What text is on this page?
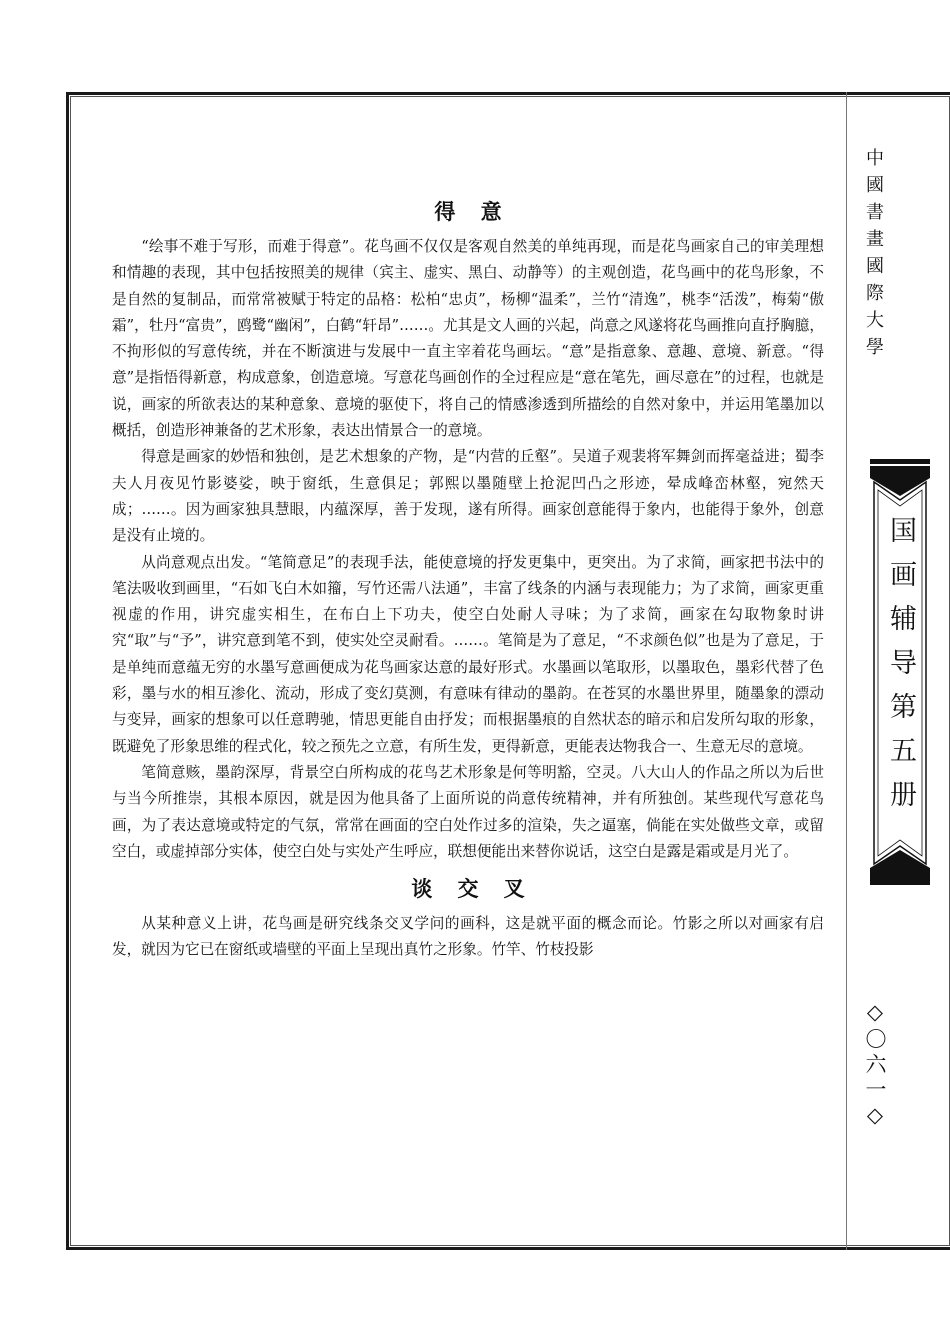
得意

“绘事不难于写形，而难于得意”。花鸟画不仅仅是客观自然美的单纯再现，而是花鸟画家自己的审美理想和情趣的表现，其中包括按照美的规律（宾主、虚实、黑白、动静等）的主观创造，花鸟画中的花鸟形象，不是自然的复制品，而常常被赋于特定的品格：松柏“忠贞”，杨柳“温柔”，兰竹“清逸”，桃李“活泼”，梅菊“傲霜”，牡丹“富贵”，鸥鹭“幽闲”，白鹤“轩昂”……。尤其是文人画的兴起，尚意之风遂将花鸟画推向直抒胸臆，不拘形似的写意传统，并在不断演进与发展中一直主宰着花鸟画坛。“意”是指意象、意趣、意境、新意。“得意”是指悟得新意，构成意象，创造意境。写意花鸟画创作的全过程应是“意在笔先，画尽意在”的过程，也就是说，画家的所欲表达的某种意象、意境的驱使下，将自己的情感渗透到所描绘的自然对象中，并运用笔墨加以概括，创造形神兼备的艺术形象，表达出情景合一的意境。

得意是画家的妙悟和独创，是艺术想象的产物，是“内营的丘壑”。吴道子观裴将军舞剑而挥毫益进；蜀李夫人月夜见竹影婆娑，映于窗纸，生意俱足；郭熙以墨随壁上抢泥凹凸之形迹，晕成峰峦林壑，宛然天成；……。因为画家独具慧眼，内蕴深厚，善于发现，遂有所得。画家创意能得于象内，也能得于象外，创意是没有止境的。

从尚意观点出发。“笔简意足”的表现手法，能使意境的抒发更集中，更突出。为了求简，画家把书法中的笔法吸收到画里，“石如飞白木如籀，写竹还需八法通”，丰富了线条的内涵与表现能力；为了求简，画家更重视虚的作用，讲究虚实相生，在布白上下功夫，使空白处耐人寻味；为了求简，画家在勾取物象时讲究“取”与“予”，讲究意到笔不到，使实处空灵耐看。……。笔简是为了意足，“不求颜色似”也是为了意足，于是单纯而意蕴无穷的水墨写意画便成为花鸟画家达意的最好形式。水墨画以笔取形，以墨取色，墨彩代替了色彩，墨与水的相互渗化、流动，形成了变幻莫测，有意味有律动的墨韵。在苍冥的水墨世界里，随墨象的漂动与变异，画家的想象可以任意聘驰，情思更能自由抒发；而根据墨痕的自然状态的暗示和启发所勾取的形象，既避免了形象思维的程式化，较之预先之立意，有所生发，更得新意，更能表达物我合一、生意无尽的意境。

笔简意赅，墨韵深厚，背景空白所构成的花鸟艺术形象是何等明豁，空灵。八大山人的作品之所以为后世与当今所推崇，其根本原因，就是因为他具备了上面所说的尚意传统精神，并有所独创。某些现代写意花鸟画，为了表达意境或特定的气氛，常常在画面的空白处作过多的渲染，失之逼塞，倘能在实处做些文章，或留空白，或虚掉部分实体，使空白处与实处产生呼应，联想便能出来替你说话，这空白是露是霜或是月光了。

谈交叉

从某种意义上讲，花鸟画是研究线条交叉学问的画科，这是就平面的概念而论。竹影之所以对画家有启发，就因为它已在窗纸或墙壁的平面上呈现出真竹之形象。竹竿、竹枝投影

中國書畫國際大學
国画辅导第五册
◇〇六一◇
